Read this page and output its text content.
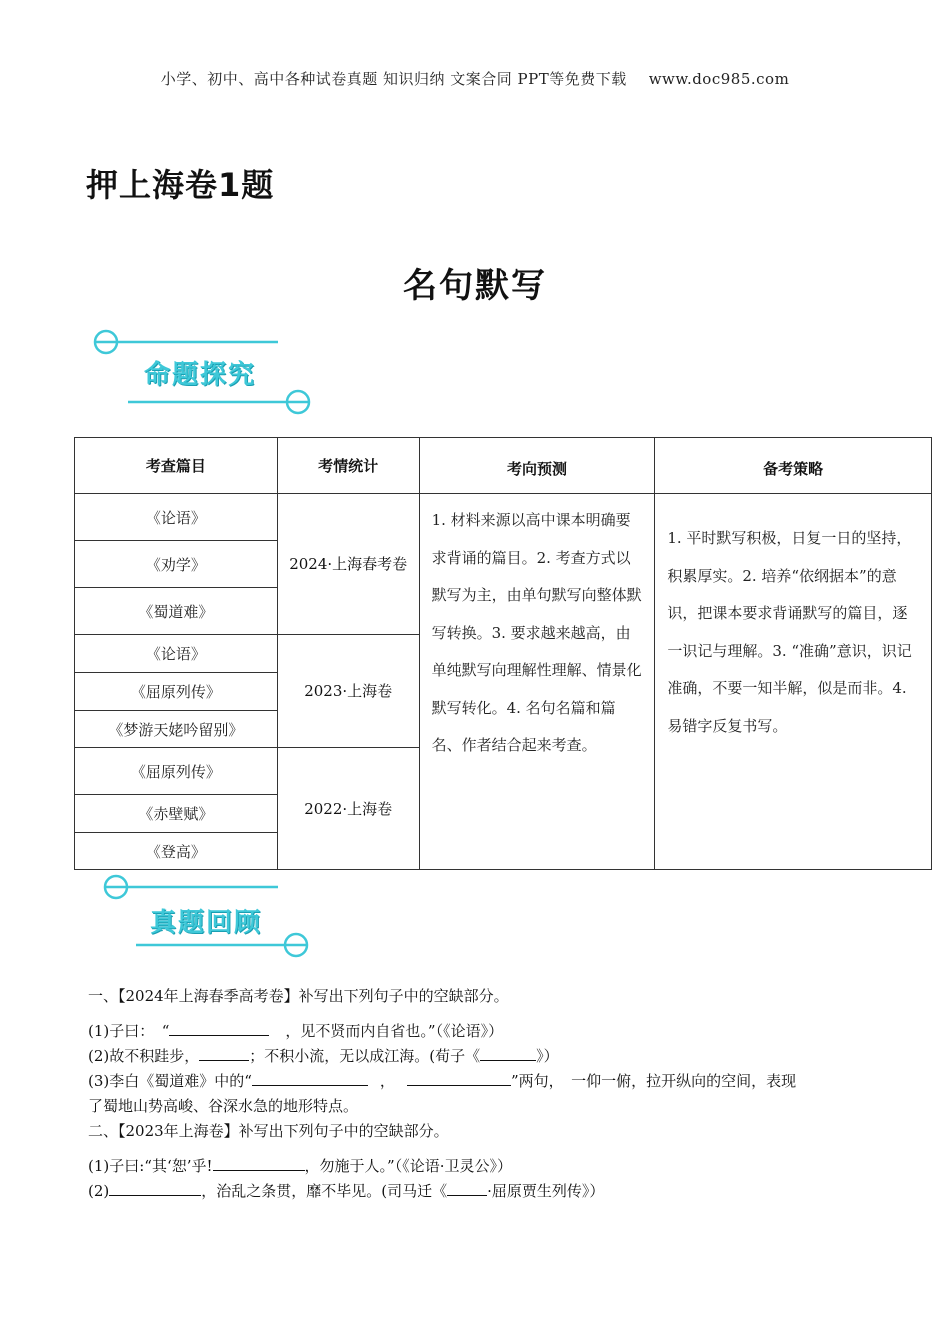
小学、初中、高中各种试卷真题 知识归纳 文案合同 PPT等免费下载 www.doc985.com
押上海卷1题
名句默写
命题探究
考查篇目	考情统计	考向预测	备考策略
《论语》	2024·上海春考卷	1. 材料来源以高中课本明确要求背诵的篇目。2. 考查方式以默写为主，由单句默写向整体默写转换。3. 要求越来越高，由单纯默写向理解性理解、情景化默写转化。4. 名句名篇和篇名、作者结合起来考查。	1. 平时默写积极，日复一日的坚持，积累厚实。2. 培养“依纲据本”的意识，把课本要求背诵默写的篇目，逐一识记与理解。3. “准确”意识，识记准确，不要一知半解，似是而非。4. 易错字反复书写。
《劝学》			
《蜀道难》			
《论语》	2023·上海卷		
《屈原列传》			
《梦游天姥吟留别》			
《屈原列传》	2022·上海卷		
《赤壁赋》			
《登高》			
真题回顾
一、【2024年上海春季高考卷】补写出下列句子中的空缺部分。
(1)子曰：　“	，见不贤而内自省也。”（《论语》）
(2)故不积跬步，	；不积小流，无以成江海。(荀子《	》）
(3)李白《蜀道难》中的“	，	”两句，　一仰一俯，拉开纵向的空间，表现
了蜀地山势高峻、谷深水急的地形特点。
二、【2023年上海卷】补写出下列句子中的空缺部分。
(1)子曰:“其‘恕’乎!	，勿施于人。”（《论语·卫灵公》）
(2)	，治乱之条贯，靡不毕见。(司马迁《	·屈原贾生列传》）
